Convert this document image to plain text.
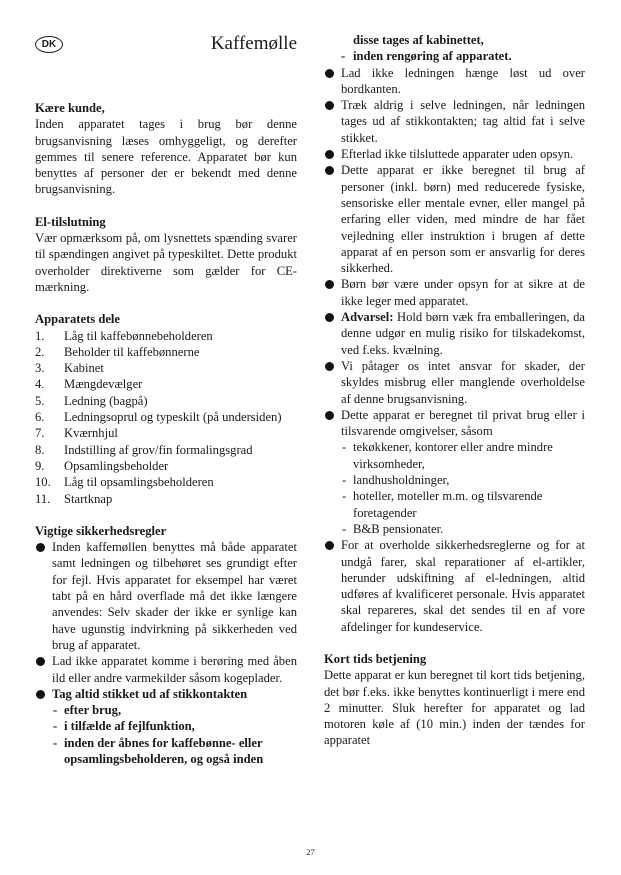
DK	Kaffemølle

Kære kunde,

Inden apparatet tages i brug bør denne brugsanvisning læses omhyggeligt, og derefter gemmes til senere reference. Apparatet bør kun benyttes af personer der er bekendt med denne brugsanvisning.

El-tilslutning

Vær opmærksom på, om lysnettets spænding svarer til spændingen angivet på typeskiltet. Dette produkt overholder direktiverne som gælder for CE-mærkning.

Apparatets dele

1. Låg til kaffebønnebeholderen
2. Beholder til kaffebønnerne
3. Kabinet
4. Mængdevælger
5. Ledning (bagpå)
6. Ledningsoprul og typeskilt (på undersiden)
7. Kværnhjul
8. Indstilling af grov/fin formalingsgrad
9. Opsamlingsbeholder
10. Låg til opsamlingsbeholderen
11. Startknap

Vigtige sikkerhedsregler

Inden kaffemøllen benyttes må både apparatet samt ledningen og tilbehøret ses grundigt efter for fejl. Hvis apparatet for eksempel har været tabt på en hård overflade må det ikke længere anvendes: Selv skader der ikke er synlige kan have ugunstig indvirkning på sikkerheden ved brug af apparatet.
Lad ikke apparatet komme i berøring med åben ild eller andre varmekilder såsom kogeplader.
Tag altid stikket ud af stikkontakten
- efter brug,
- i tilfælde af fejlfunktion,
- inden der åbnes for kaffebønne- eller opsamlingsbeholderen, og også inden
disse tages af kabinettet,
- inden rengøring af apparatet.
Lad ikke ledningen hænge løst ud over bordkanten.
Træk aldrig i selve ledningen, når ledningen tages ud af stikkontakten; tag altid fat i selve stikket.
Efterlad ikke tilsluttede apparater uden opsyn.
Dette apparat er ikke beregnet til brug af personer (inkl. børn) med reducerede fysiske, sensoriske eller mentale evner, eller mangel på erfaring eller viden, med mindre de har fået vejledning eller instruktion i brugen af dette apparat af en person som er ansvarlig for deres sikkerhed.
Børn bør være under opsyn for at sikre at de ikke leger med apparatet.
Advarsel: Hold børn væk fra emballeringen, da denne udgør en mulig risiko for tilskadekomst, ved f.eks. kvælning.
Vi påtager os intet ansvar for skader, der skyldes misbrug eller manglende overholdelse af denne brugsanvisning.
Dette apparat er beregnet til privat brug eller i tilsvarende omgivelser, såsom
- tekøkkener, kontorer eller andre mindre virksomheder,
- landhusholdninger,
- hoteller, moteller m.m. og tilsvarende foretagender
- B&B pensionater.
For at overholde sikkerhedsreglerne og for at undgå farer, skal reparationer af el-artikler, herunder udskiftning af el-ledningen, altid udføres af kvalificeret personale. Hvis apparatet skal repareres, skal det sendes til en af vore afdelinger for kundeservice.

Kort tids betjening

Dette apparat er kun beregnet til kort tids betjening, det bør f.eks. ikke benyttes kontinuerligt i mere end 2 minutter. Sluk herefter for apparatet og lad motoren køle af (10 min.) inden der tændes for apparatet

27
